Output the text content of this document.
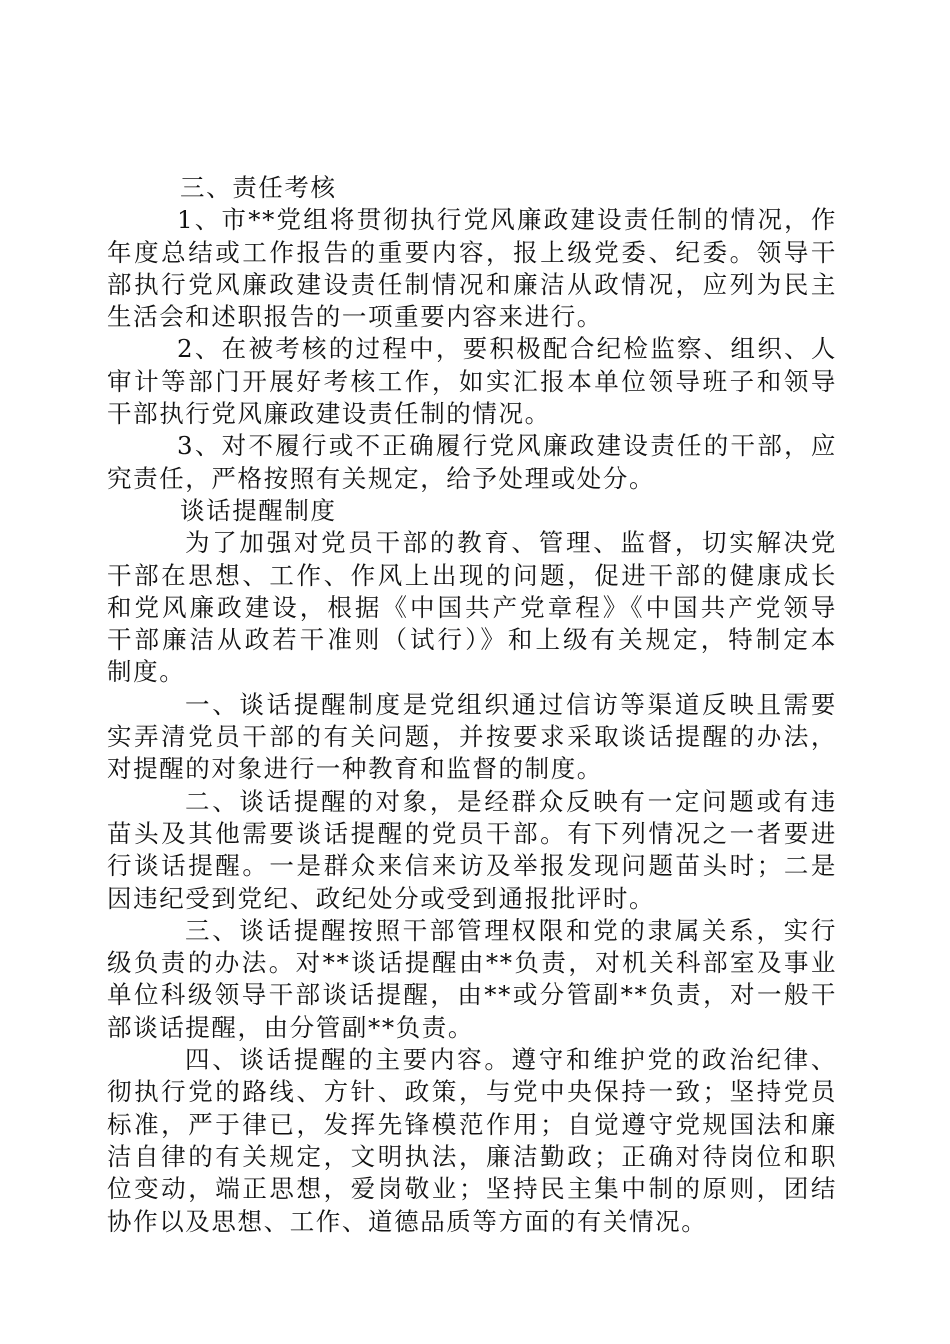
三、责任考核
1、市**党组将贯彻执行党风廉政建设责任制的情况，作
年度总结或工作报告的重要内容，报上级党委、纪委。领导干
部执行党风廉政建设责任制情况和廉洁从政情况，应列为民主
生活会和述职报告的一项重要内容来进行。
2、在被考核的过程中，要积极配合纪检监察、组织、人
审计等部门开展好考核工作，如实汇报本单位领导班子和领导
干部执行党风廉政建设责任制的情况。
3、对不履行或不正确履行党风廉政建设责任的干部，应
究责任，严格按照有关规定，给予处理或处分。
谈话提醒制度
为了加强对党员干部的教育、管理、监督，切实解决党
干部在思想、工作、作风上出现的问题，促进干部的健康成长
和党风廉政建设，根据《中国共产党章程》《中国共产党领导
干部廉洁从政若干准则（试行）》和上级有关规定，特制定本
制度。
一、谈话提醒制度是党组织通过信访等渠道反映且需要
实弄清党员干部的有关问题，并按要求采取谈话提醒的办法，
对提醒的对象进行一种教育和监督的制度。
二、谈话提醒的对象，是经群众反映有一定问题或有违
苗头及其他需要谈话提醒的党员干部。有下列情况之一者要进
行谈话提醒。一是群众来信来访及举报发现问题苗头时；二是
因违纪受到党纪、政纪处分或受到通报批评时。
三、谈话提醒按照干部管理权限和党的隶属关系，实行
级负责的办法。对**谈话提醒由**负责，对机关科部室及事业
单位科级领导干部谈话提醒，由**或分管副**负责，对一般干
部谈话提醒，由分管副**负责。
四、谈话提醒的主要内容。遵守和维护党的政治纪律、
彻执行党的路线、方针、政策，与党中央保持一致；坚持党员
标准，严于律已，发挥先锋模范作用；自觉遵守党规国法和廉
洁自律的有关规定，文明执法，廉洁勤政；正确对待岗位和职
位变动，端正思想，爱岗敬业；坚持民主集中制的原则，团结
协作以及思想、工作、道德品质等方面的有关情况。
